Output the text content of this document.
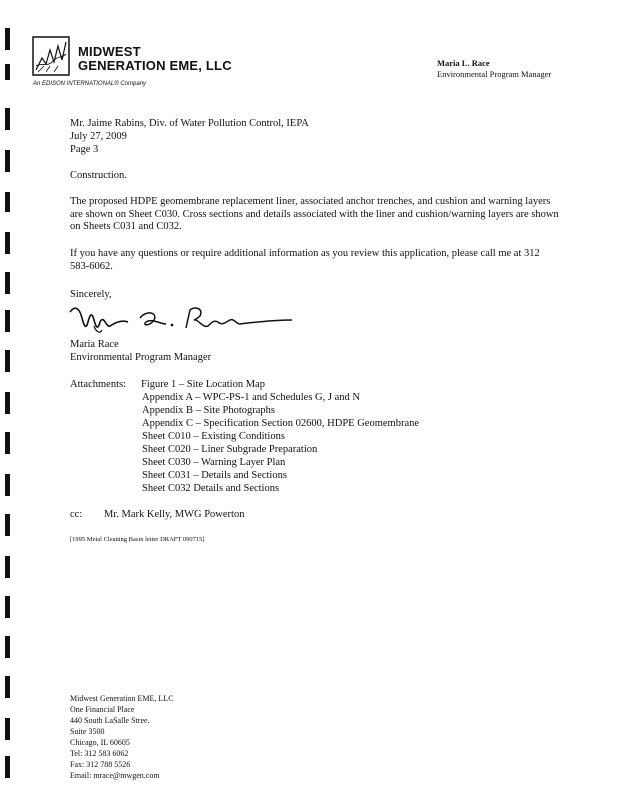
MIDWEST
GENERATION EME, LLC
An EDISON INTERNATIONAL® Company
Maria L. Race
Environmental Program Manager
Mr. Jaime Rabins, Div. of Water Pollution Control, IEPA
July 27, 2009
Page 3
Construction.
The proposed HDPE geomembrane replacement liner, associated anchor trenches, and cushion and warning layers are shown on Sheet C030. Cross sections and details associated with the liner and cushion/warning layers are shown on Sheets C031 and C032.
If you have any questions or require additional information as you review this application, please call me at 312 583-6062.
Sincerely,
Maria Race
Environmental Program Manager
Attachments: Figure 1 – Site Location Map
Appendix A – WPC-PS-1 and Schedules G, J and N
Appendix B – Site Photographs
Appendix C – Specification Section 02600, HDPE Geomembrane
Sheet C010 – Existing Conditions
Sheet C020 – Liner Subgrade Preparation
Sheet C030 – Warning Layer Plan
Sheet C031 – Details and Sections
Sheet C032 Details and Sections
cc: Mr. Mark Kelly, MWG Powerton
[1995 Metal Cleaning Basin letter DRAFT 090715]
Midwest Generation EME, LLC
One Financial Place
440 South LaSalle Stree.
Suite 3500
Chicago, IL 60605
Tel: 312 583 6062
Fax: 312 788 5526
Email: mrace@mwgen.com
